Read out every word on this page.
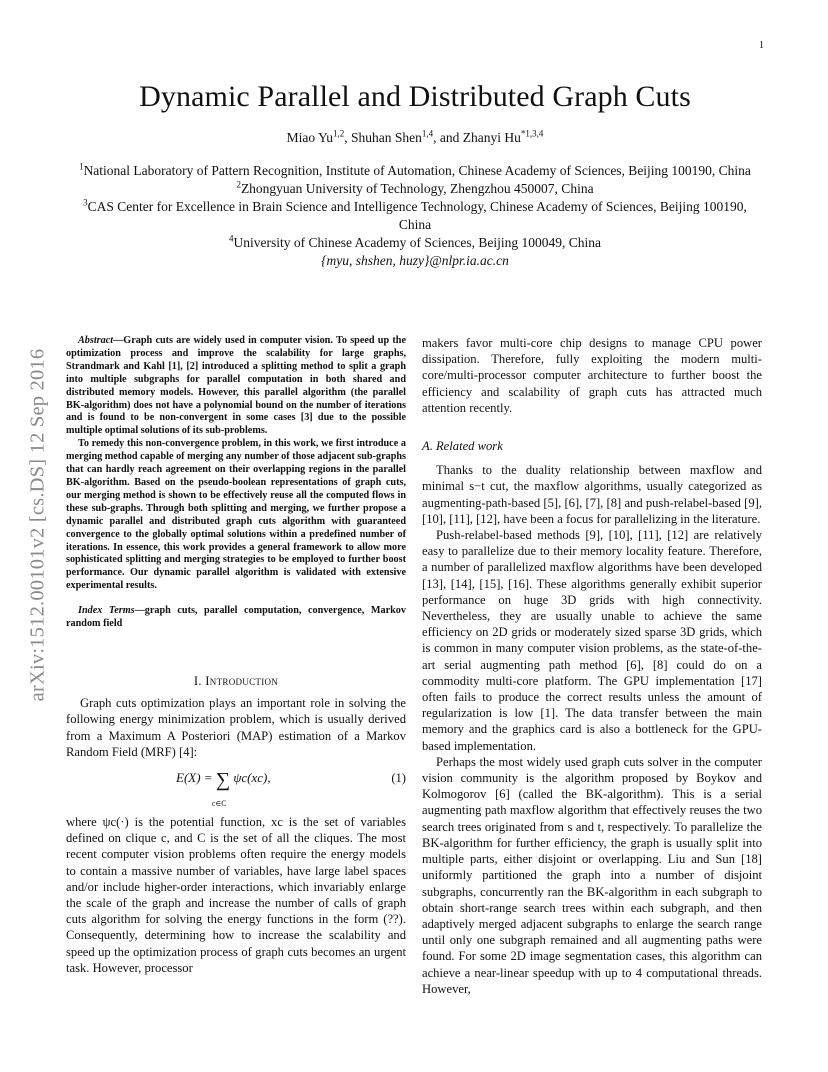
1
arXiv:1512.00101v2 [cs.DS] 12 Sep 2016
Dynamic Parallel and Distributed Graph Cuts
Miao Yu$^{1,2}$, Shuhan Shen$^{1,4}$, and Zhanyi Hu$^{*1,3,4}$

$^1$National Laboratory of Pattern Recognition, Institute of Automation, Chinese Academy of Sciences, Beijing 100190, China

$^2$Zhongyuan University of Technology, Zhengzhou 450007, China

$^3$CAS Center for Excellence in Brain Science and Intelligence Technology, Chinese Academy of Sciences, Beijing 100190, China

$^4$University of Chinese Academy of Sciences, Beijing 100049, China

{myu, shshen, huzy}@nlpr.ia.ac.cn

Abstract—Graph cuts are widely used in computer vision. To speed up the optimization process and improve the scalability for large graphs, Strandmark and Kahl [1], [2] introduced a splitting method to split a graph into multiple subgraphs for parallel computation in both shared and distributed memory models. However, this parallel algorithm (the parallel BK-algorithm) does not have a polynomial bound on the number of iterations and is found to be non-convergent in some cases [3] due to the possible multiple optimal solutions of its sub-problems.

To remedy this non-convergence problem, in this work, we first introduce a merging method capable of merging any number of those adjacent sub-graphs that can hardly reach agreement on their overlapping regions in the parallel BK-algorithm. Based on the pseudo-boolean representations of graph cuts, our merging method is shown to be effectively reuse all the computed flows in these sub-graphs. Through both splitting and merging, we further propose a dynamic parallel and distributed graph cuts algorithm with guaranteed convergence to the globally optimal solutions within a predefined number of iterations. In essence, this work provides a general framework to allow more sophisticated splitting and merging strategies to be employed to further boost performance. Our dynamic parallel algorithm is validated with extensive experimental results.

Index Terms—graph cuts, parallel computation, convergence, Markov random field

I. Introduction

Graph cuts optimization plays an important role in solving the following energy minimization problem, which is usually derived from a Maximum A Posteriori (MAP) estimation of a Markov Random Field (MRF) [4]:

E(X) = ∑
c∈C
ψc(xc),	(1)

where ψc(·) is the potential function, xc is the set of variables defined on clique c, and C is the set of all the cliques. The most recent computer vision problems often require the energy models to contain a massive number of variables, have large label spaces and/or include higher-order interactions, which invariably enlarge the scale of the graph and increase the number of calls of graph cuts algorithm for solving the energy functions in the form (??). Consequently, determining how to increase the scalability and speed up the optimization process of graph cuts becomes an urgent task. However, processor

makers favor multi-core chip designs to manage CPU power dissipation. Therefore, fully exploiting the modern multi-core/multi-processor computer architecture to further boost the efficiency and scalability of graph cuts has attracted much attention recently.

A. Related work

Thanks to the duality relationship between maxflow and minimal s−t cut, the maxflow algorithms, usually categorized as augmenting-path-based [5], [6], [7], [8] and push-relabel-based [9], [10], [11], [12], have been a focus for parallelizing in the literature.

Push-relabel-based methods [9], [10], [11], [12] are relatively easy to parallelize due to their memory locality feature. Therefore, a number of parallelized maxflow algorithms have been developed [13], [14], [15], [16]. These algorithms generally exhibit superior performance on huge 3D grids with high connectivity. Nevertheless, they are usually unable to achieve the same efficiency on 2D grids or moderately sized sparse 3D grids, which is common in many computer vision problems, as the state-of-the-art serial augmenting path method [6], [8] could do on a commodity multi-core platform. The GPU implementation [17] often fails to produce the correct results unless the amount of regularization is low [1]. The data transfer between the main memory and the graphics card is also a bottleneck for the GPU-based implementation.

Perhaps the most widely used graph cuts solver in the computer vision community is the algorithm proposed by Boykov and Kolmogorov [6] (called the BK-algorithm). This is a serial augmenting path maxflow algorithm that effectively reuses the two search trees originated from s and t, respectively. To parallelize the BK-algorithm for further efficiency, the graph is usually split into multiple parts, either disjoint or overlapping. Liu and Sun [18] uniformly partitioned the graph into a number of disjoint subgraphs, concurrently ran the BK-algorithm in each subgraph to obtain short-range search trees within each subgraph, and then adaptively merged adjacent subgraphs to enlarge the search range until only one subgraph remained and all augmenting paths were found. For some 2D image segmentation cases, this algorithm can achieve a near-linear speedup with up to 4 computational threads. However,
